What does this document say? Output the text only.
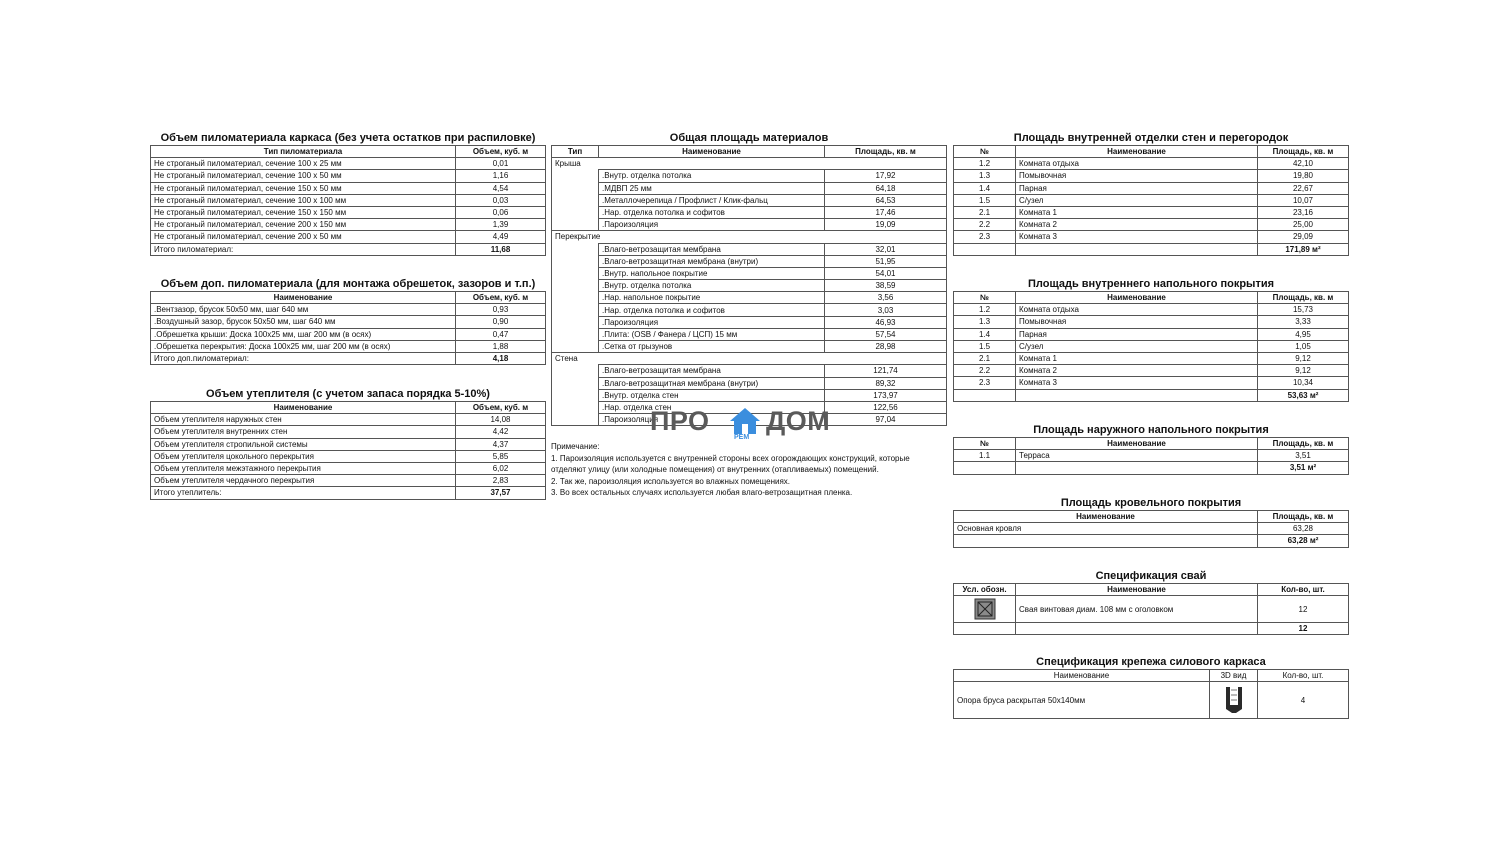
Объем пиломатериала каркаса (без учета остатков при распиловке)
Тип пиломатериала	Объем, куб. м
Не строганый пиломатериал, сечение 100 х 25 мм	0,01
Не строганый пиломатериал, сечение 100 х 50 мм	1,16
Не строганый пиломатериал, сечение 150 х 50 мм	4,54
Не строганый пиломатериал, сечение 100 х 100 мм	0,03
Не строганый пиломатериал, сечение 150 х 150 мм	0,06
Не строганый пиломатериал, сечение 200 х 150 мм	1,39
Не строганый пиломатериал, сечение 200 х 50 мм	4,49
Итого пиломатериал:	11,68
Объем доп. пиломатериала (для монтажа обрешеток, зазоров и т.п.)
Наименование	Объем, куб. м
.Вентзазор, брусок 50х50 мм, шаг 640 мм	0,93
.Воздушный зазор, брусок 50х50 мм, шаг 640 мм	0,90
.Обрешетка крыши: Доска 100х25 мм, шаг 200 мм (в осях)	0,47
.Обрешетка перекрытия: Доска 100х25 мм, шаг 200 мм (в осях)	1,88
Итого доп.пиломатериал:	4,18
Объем утеплителя (с учетом запаса порядка 5-10%)
Наименование	Объем, куб. м
Объем утеплителя наружных стен	14,08
Объем утеплителя внутренних стен	4,42
Объем утеплителя стропильной системы	4,37
Объем утеплителя цокольного перекрытия	5,85
Объем утеплителя межэтажного перекрытия	6,02
Объем утеплителя чердачного перекрытия	2,83
Итого утеплитель:	37,57
Общая площадь материалов
Тип	Наименование	Площадь, кв. м
Крыша		
	.Внутр. отделка потолка	17,92
	.МДВП 25 мм	64,18
	.Металлочерепица / Профлист / Клик-фальц	64,53
	.Нар. отделка потолка и софитов	17,46
	.Пароизоляция	19,09
Перекрытие		
	.Влаго-ветрозащитая мембрана	32,01
	.Влаго-ветрозащитная мембрана (внутри)	51,95
	.Внутр. напольное покрытие	54,01
	.Внутр. отделка потолка	38,59
	.Нар. напольное покрытие	3,56
	.Нар. отделка потолка и софитов	3,03
	.Пароизоляция	46,93
	.Плита: (OSB / Фанера / ЦСП) 15 мм	57,54
	.Сетка от грызунов	28,98
Стена		
	.Влаго-ветрозащитая мембрана	121,74
	.Влаго-ветрозащитная мембрана (внутри)	89,32
	.Внутр. отделка стен	173,97
	.Нар. отделка стен	122,56
	.Пароизоляция	97,04
ПРО
РЕМ
ДОМ
Примечание:
1. Пароизоляция используется с внутренней стороны всех огорождающих конструкций, которые
отделяют улицу (или холодные помещения) от внутренних (отапливаемых) помещений.
2. Так же, пароизоляция используется во влажных помещениях.
3. Во всех остальных случаях используется любая влаго-ветрозащитная пленка.
Площадь внутренней отделки стен и перегородок
№	Наименование	Площадь, кв. м
1.2	Комната отдыха	42,10
1.3	Помывочная	19,80
1.4	Парная	22,67
1.5	С/узел	10,07
2.1	Комната 1	23,16
2.2	Комната 2	25,00
2.3	Комната 3	29,09
		171,89 м²
Площадь внутреннего напольного покрытия
№	Наименование	Площадь, кв. м
1.2	Комната отдыха	15,73
1.3	Помывочная	3,33
1.4	Парная	4,95
1.5	С/узел	1,05
2.1	Комната 1	9,12
2.2	Комната 2	9,12
2.3	Комната 3	10,34
		53,63 м²
Площадь наружного напольного покрытия
№	Наименование	Площадь, кв. м
1.1	Терраса	3,51
		3,51 м²
Площадь кровельного покрытия
Наименование	Площадь, кв. м
Основная кровля	63,28
	63,28 м²
Спецификация свай
Усл. обозн.	Наименование	Кол-во, шт.
	Свая винтовая диам. 108 мм с оголовком	12
		12
Спецификация крепежа силового каркаса
Наименование	3D вид	Кол-во, шт.
Опора бруса раскрытая 50х140мм		4
